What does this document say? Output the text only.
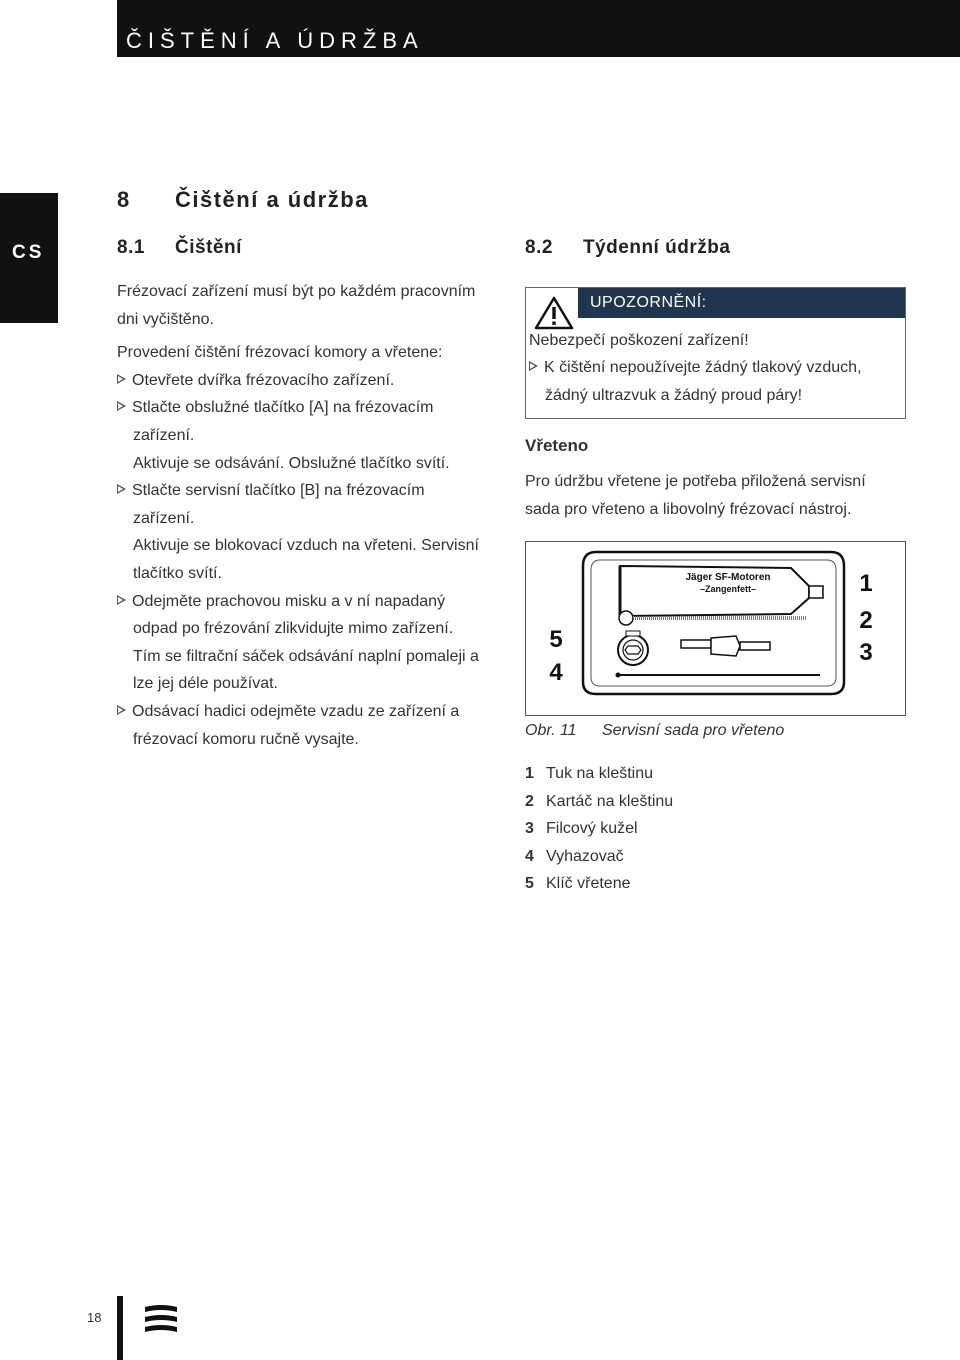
ČIŠTĚNÍ A ÚDRŽBA
CS
8 Čištění a údržba
8.1 Čištění

Frézovací zařízení musí být po každém pracovním

dni vyčištěno.

Provedení čištění frézovací komory a vřetene:

Otevřete dvířka frézovacího zařízení.

Stlačte obslužné tlačítko [A] na frézovacím

zařízení.

Aktivuje se odsávání. Obslužné tlačítko svítí.

Stlačte servisní tlačítko [B] na frézovacím

zařízení.

Aktivuje se blokovací vzduch na vřeteni. Servisní

tlačítko svítí.

Odejměte prachovou misku a v ní napadaný

odpad po frézování zlikvidujte mimo zařízení.

Tím se filtrační sáček odsávání naplní pomaleji a

lze jej déle používat.

Odsávací hadici odejměte vzadu ze zařízení a

frézovací komoru ručně vysajte.

8.2 Týdenní údržba
UPOZORNĚNÍ:
Nebezpečí poškození zařízení!
K čištění nepoužívejte žádný tlakový vzduch,
žádný ultrazvuk a žádný proud páry!
Vřeteno
Pro údržbu vřetene je potřeba přiložená servisní
sada pro vřeteno a libovolný frézovací nástroj.
Jäger SF-Motoren
–Zangenfett–	1
2
3
4
5
Obr. 11 Servisní sada pro vřeteno
1 Tuk na kleštinu
2 Kartáč na kleštinu
3 Filcový kužel
4 Vyhazovač
5 Klíč vřetene
18
